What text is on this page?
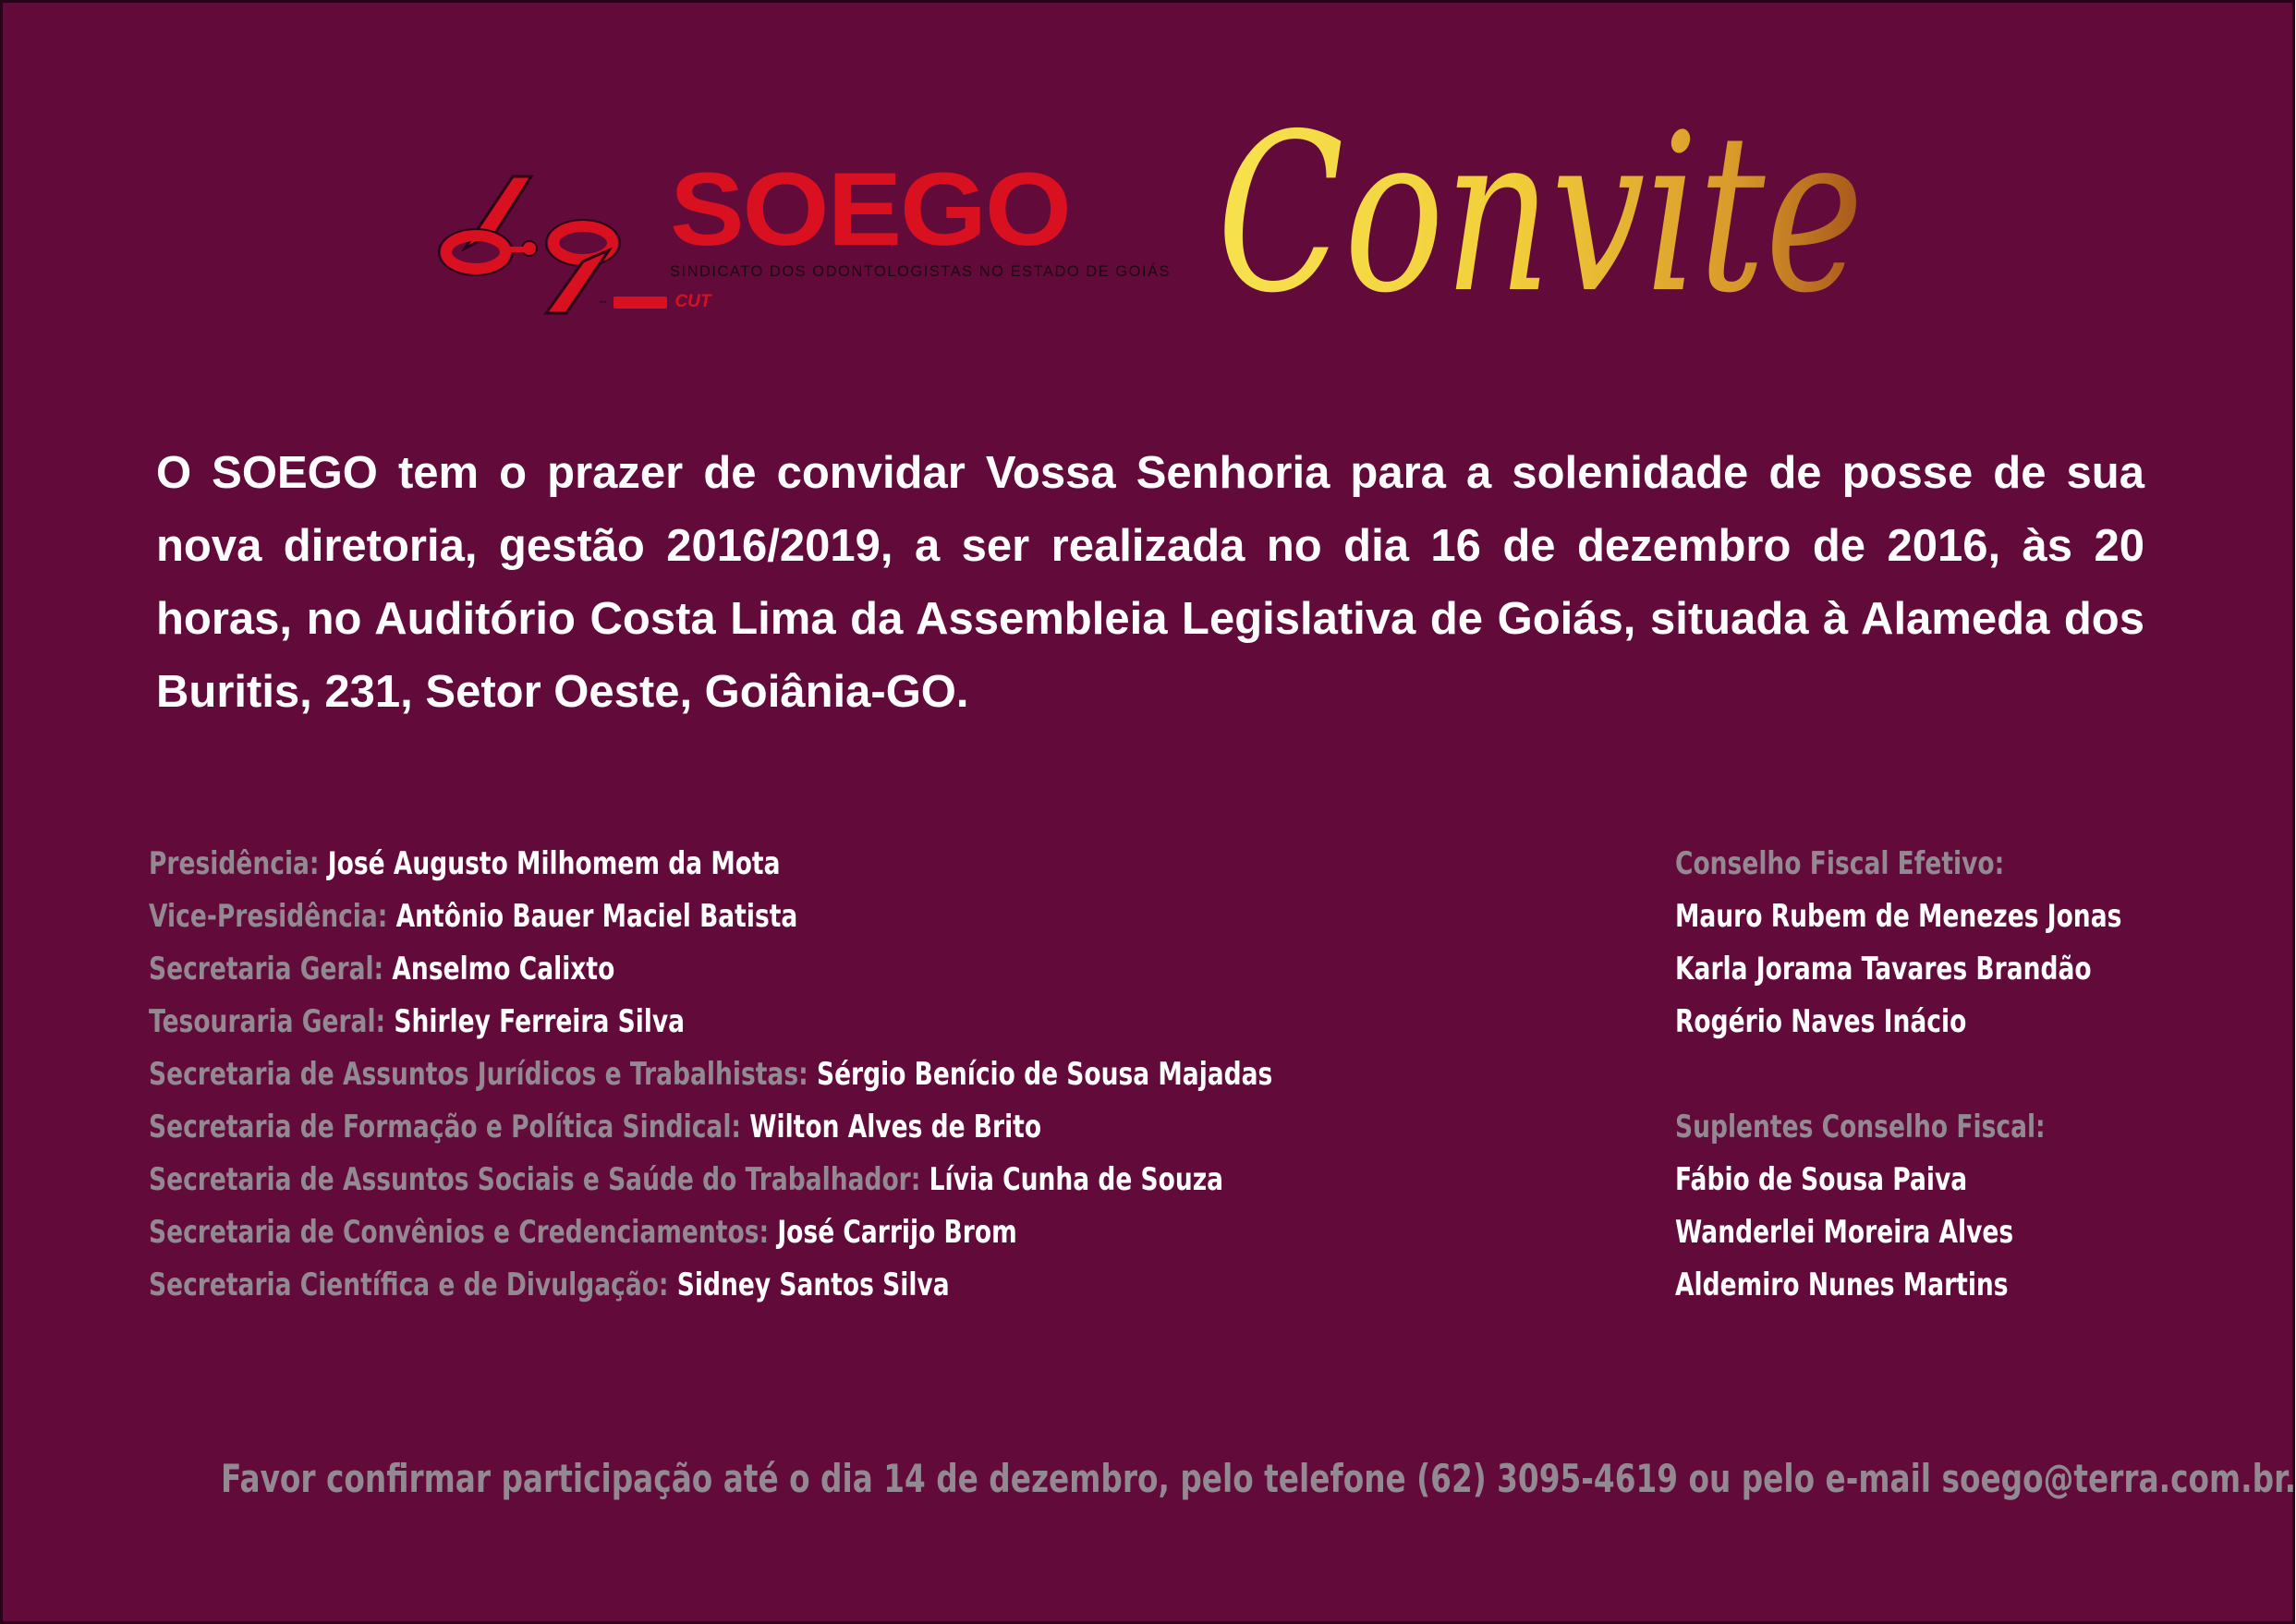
SOEGO
SINDICATO DOS ODONTOLOGISTAS NO ESTADO DE GOIÁS
▪▪▪	CUT Convite

O SOEGO tem o prazer de convidar Vossa Senhoria para a solenidade de posse de sua nova diretoria, gestão 2016/2019, a ser realizada no dia 16 de dezembro de 2016, às 20 horas, no Auditório Costa Lima da Assembleia Legislativa de Goiás, situada à Alameda dos Buritis, 231, Setor Oeste, Goiânia-GO.

Presidência: José Augusto Milhomem da Mota
Vice-Presidência: Antônio Bauer Maciel Batista
Secretaria Geral: Anselmo Calixto
Tesouraria Geral: Shirley Ferreira Silva
Secretaria de Assuntos Jurídicos e Trabalhistas: Sérgio Benício de Sousa Majadas
Secretaria de Formação e Política Sindical: Wilton Alves de Brito
Secretaria de Assuntos Sociais e Saúde do Trabalhador: Lívia Cunha de Souza
Secretaria de Convênios e Credenciamentos: José Carrijo Brom
Secretaria Científica e de Divulgação: Sidney Santos Silva
Conselho Fiscal Efetivo:
Mauro Rubem de Menezes Jonas
Karla Jorama Tavares Brandão
Rogério Naves Inácio
Suplentes Conselho Fiscal:
Fábio de Sousa Paiva
Wanderlei Moreira Alves
Aldemiro Nunes Martins
Favor confirmar participação até o dia 14 de dezembro, pelo telefone (62) 3095-4619 ou pelo e-mail soego@terra.com.br.
